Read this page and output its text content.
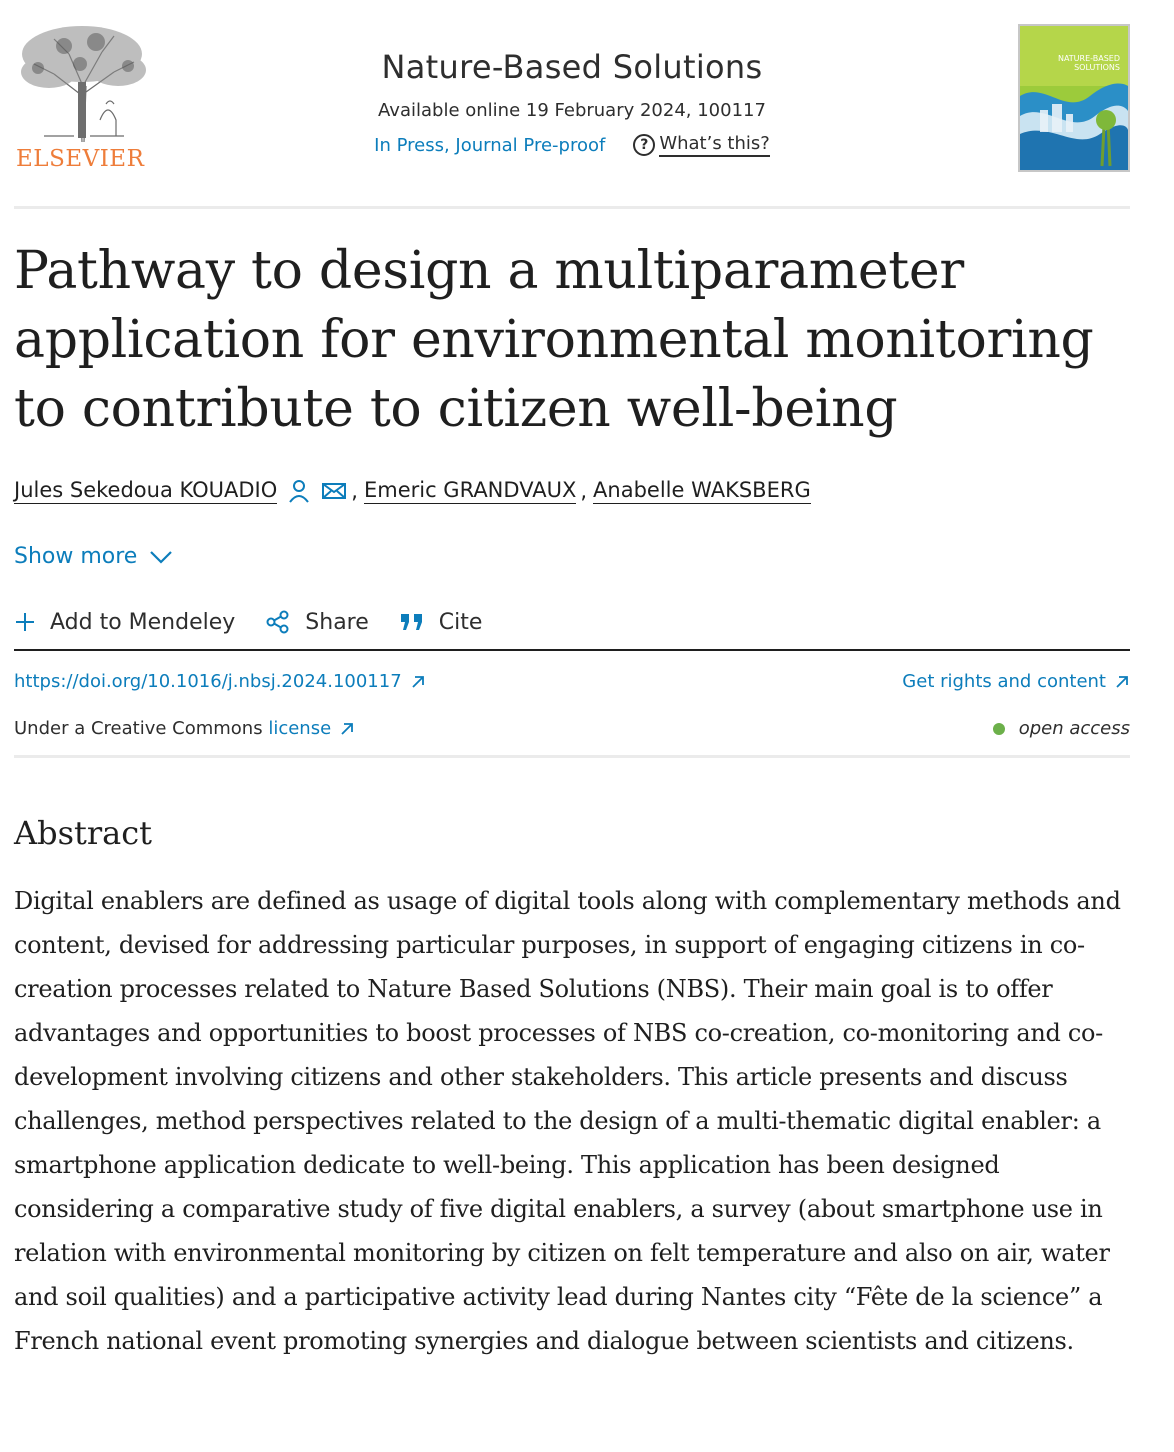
ELSEVIER
Nature-Based Solutions
Available online 19 February 2024, 100117
In Press, Journal Pre-proof	? What’s this?
NATURE-BASED SOLUTIONS
Pathway to design a multiparameter application for environmental monitoring to contribute to citizen well-being
Jules Sekedoua KOUADIO	, Emeric GRANDVAUX , Anabelle WAKSBERG
Show more
Add to Mendeley	Share	Cite
https://doi.org/10.1016/j.nbsj.2024.100117	Get rights and content
Under a Creative Commons license	open access
Abstract
Digital enablers are defined as usage of digital tools along with complementary methods and content, devised for addressing particular purposes, in support of engaging citizens in co-creation processes related to Nature Based Solutions (NBS). Their main goal is to offer advantages and opportunities to boost processes of NBS co-creation, co-monitoring and co-development involving citizens and other stakeholders. This article presents and discuss challenges, method perspectives related to the design of a multi-thematic digital enabler: a smartphone application dedicate to well-being. This application has been designed considering a comparative study of five digital enablers, a survey (about smartphone use in relation with environmental monitoring by citizen on felt temperature and also on air, water and soil qualities) and a participative activity lead during Nantes city “Fête de la science” a French national event promoting synergies and dialogue between scientists and citizens.
